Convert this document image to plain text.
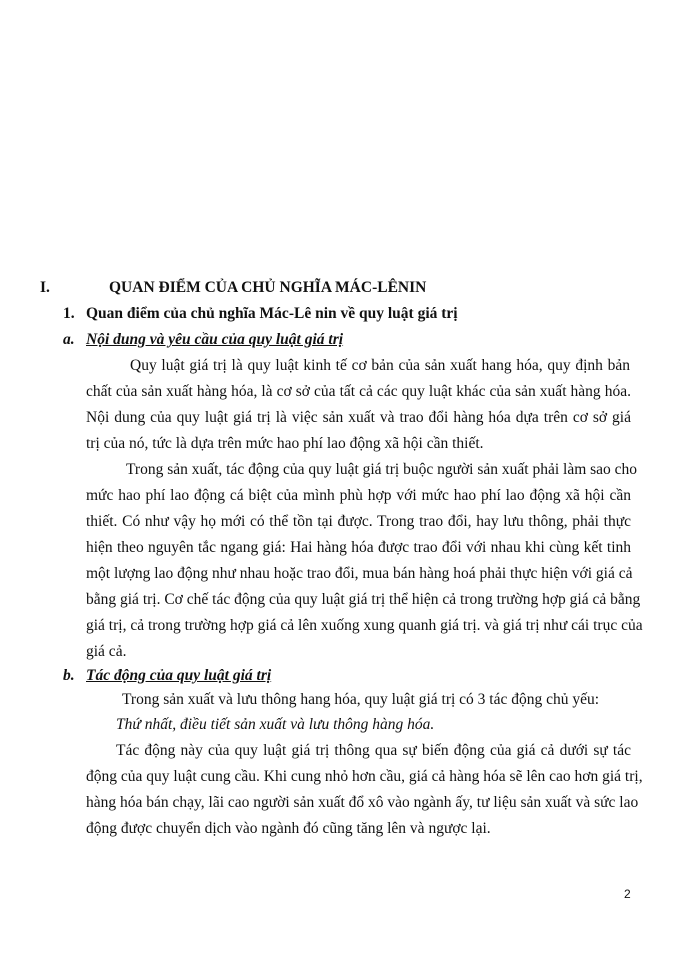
I.	QUAN ĐIỂM CỦA CHỦ NGHĨA MÁC-LÊNIN
1. Quan điểm của chủ nghĩa Mác-Lê nin về quy luật giá trị
a. Nội dung và yêu cầu của quy luật giá trị
Quy luật giá trị là quy luật kinh tế cơ bản của sản xuất hang hóa, quy định bản
chất của sản xuất hàng hóa, là cơ sở của tất cả các quy luật khác của sản xuất hàng hóa.
Nội dung của quy luật giá trị là việc sản xuất và trao đổi hàng hóa dựa trên cơ sở giá
trị của nó, tức là dựa trên mức hao phí lao động xã hội cần thiết.
Trong sản xuất, tác động của quy luật giá trị buộc người sản xuất phải làm sao cho
mức hao phí lao động cá biệt của mình phù hợp với mức hao phí lao động xã hội cần
thiết. Có như vậy họ mới có thể tồn tại được. Trong trao đổi, hay lưu thông, phải thực
hiện theo nguyên tắc ngang giá: Hai hàng hóa được trao đổi với nhau khi cùng kết tinh
một lượng lao động như nhau hoặc trao đổi, mua bán hàng hoá phải thực hiện với giá cả
bằng giá trị. Cơ chế tác động của quy luật giá trị thể hiện cả trong trường hợp giá cả bằng
giá trị, cả trong trường hợp giá cả lên xuống xung quanh giá trị. và giá trị như cái trục của
giá cả.
b. Tác động của quy luật giá trị
Trong sản xuất và lưu thông hang hóa, quy luật giá trị có 3 tác động chủ yếu:
Thứ nhất, điều tiết sản xuất và lưu thông hàng hóa.
Tác động này của quy luật giá trị thông qua sự biến động của giá cả dưới sự tác
động của quy luật cung cầu. Khi cung nhỏ hơn cầu, giá cả hàng hóa sẽ lên cao hơn giá trị,
hàng hóa bán chạy, lãi cao người sản xuất đổ xô vào ngành ấy, tư liệu sản xuất và sức lao
động được chuyển dịch vào ngành đó cũng tăng lên và ngược lại.
2
